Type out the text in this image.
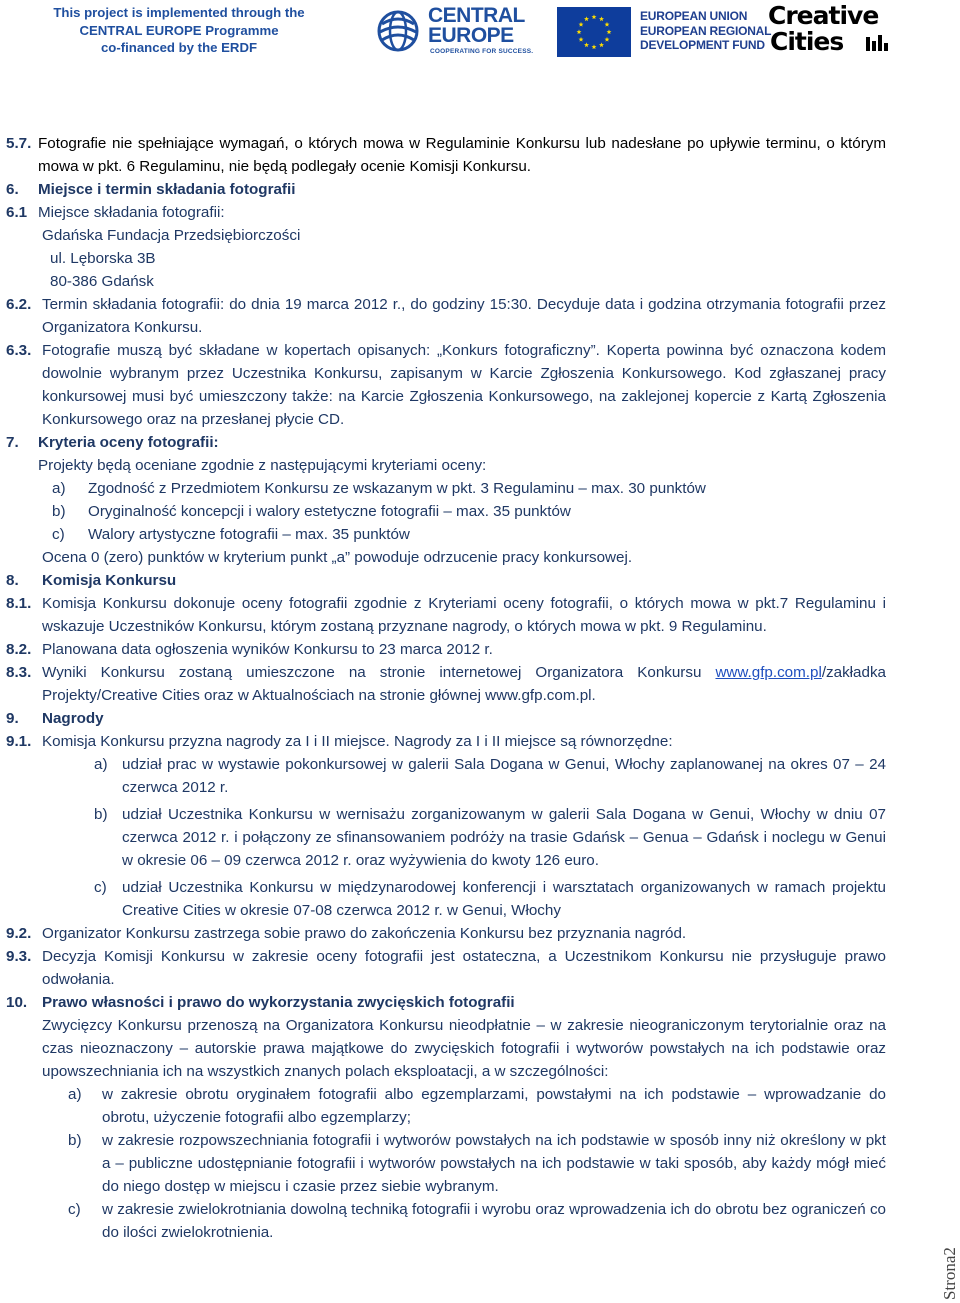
This project is implemented through the
CENTRAL EUROPE Programme
co-financed by the ERDF
CENTRAL
EUROPE
COOPERATING FOR SUCCESS.
EUROPEAN UNION
EUROPEAN REGIONAL
DEVELOPMENT FUND
Creative
Cities
5.7. Fotografie nie spełniające wymagań, o których mowa w Regulaminie Konkursu lub nadesłane po upływie terminu, o którym mowa w pkt. 6 Regulaminu, nie będą podlegały ocenie Komisji Konkursu.
6.	Miejsce i termin składania fotografii
6.1 Miejsce składania fotografii:
Gdańska Fundacja Przedsiębiorczości
ul. Lęborska 3B
80-386 Gdańsk
6.2. Termin składania fotografii: do dnia 19 marca 2012 r., do godziny 15:30. Decyduje data i godzina otrzymania fotografii przez Organizatora Konkursu.
6.3. Fotografie muszą być składane w kopertach opisanych: „Konkurs fotograficzny”. Koperta powinna być oznaczona kodem dowolnie wybranym przez Uczestnika Konkursu, zapisanym w Karcie Zgłoszenia Konkursowego. Kod zgłaszanej pracy konkursowej musi być umieszczony także: na Karcie Zgłoszenia Konkursowego, na zaklejonej kopercie z Kartą Zgłoszenia Konkursowego oraz na przesłanej płycie CD.
7.	Kryteria oceny fotografii:
Projekty będą oceniane zgodnie z następującymi kryteriami oceny:
a)	Zgodność z Przedmiotem Konkursu ze wskazanym w pkt. 3 Regulaminu – max. 30 punktów
b)	Oryginalność koncepcji i walory estetyczne fotografii – max. 35 punktów
c)	Walory artystyczne fotografii – max. 35 punktów
Ocena 0 (zero) punktów w kryterium punkt „a” powoduje odrzucenie pracy konkursowej.
8.	Komisja Konkursu
8.1. Komisja Konkursu dokonuje oceny fotografii zgodnie z Kryteriami oceny fotografii, o których mowa w pkt.7 Regulaminu i wskazuje Uczestników Konkursu, którym zostaną przyznane nagrody, o których mowa w pkt. 9 Regulaminu.
8.2. Planowana data ogłoszenia wyników Konkursu to 23 marca 2012 r.
8.3. Wyniki Konkursu zostaną umieszczone na stronie internetowej Organizatora Konkursu www.gfp.com.pl/zakładka Projekty/Creative Cities oraz w Aktualnościach na stronie głównej www.gfp.com.pl.
9.	Nagrody
9.1. Komisja Konkursu przyzna nagrody za I i II miejsce. Nagrody za I i II miejsce są równorzędne:
a) udział prac w wystawie pokonkursowej w galerii Sala Dogana w Genui, Włochy zaplanowanej na okres 07 – 24 czerwca 2012 r.
b) udział Uczestnika Konkursu w wernisażu zorganizowanym w galerii Sala Dogana w Genui, Włochy w dniu 07 czerwca 2012 r. i połączony ze sfinansowaniem podróży na trasie Gdańsk – Genua – Gdańsk i noclegu w Genui w okresie 06 – 09 czerwca 2012 r. oraz wyżywienia do kwoty 126 euro.
c)	udział Uczestnika Konkursu w międzynarodowej konferencji i warsztatach organizowanych w ramach projektu Creative Cities w okresie 07-08 czerwca 2012 r. w Genui, Włochy
9.2. Organizator Konkursu zastrzega sobie prawo do zakończenia Konkursu bez przyznania nagród.
9.3. Decyzja Komisji Konkursu w zakresie oceny fotografii jest ostateczna, a Uczestnikom Konkursu nie przysługuje prawo odwołania.
10. Prawo własności i prawo do wykorzystania zwycięskich fotografii
Zwycięzcy Konkursu przenoszą na Organizatora Konkursu nieodpłatnie – w zakresie nieograniczonym terytorialnie oraz na czas nieoznaczony – autorskie prawa majątkowe do zwycięskich fotografii i wytworów powstałych na ich podstawie oraz upowszechniania ich na wszystkich znanych polach eksploatacji, a w szczególności:
a)	w zakresie obrotu oryginałem fotografii albo egzemplarzami, powstałymi na ich podstawie – wprowadzanie do obrotu, użyczenie fotografii albo egzemplarzy;
b)	w zakresie rozpowszechniania fotografii i wytworów powstałych na ich podstawie w sposób inny niż określony w pkt a – publiczne udostępnianie fotografii i wytworów powstałych na ich podstawie w taki sposób, aby każdy mógł mieć do niego dostęp w miejscu i czasie przez siebie wybranym.
c)	w zakresie zwielokrotniania dowolną techniką fotografii i wyrobu oraz wprowadzenia ich do obrotu bez ograniczeń co do ilości zwielokrotnienia.
Strona2
